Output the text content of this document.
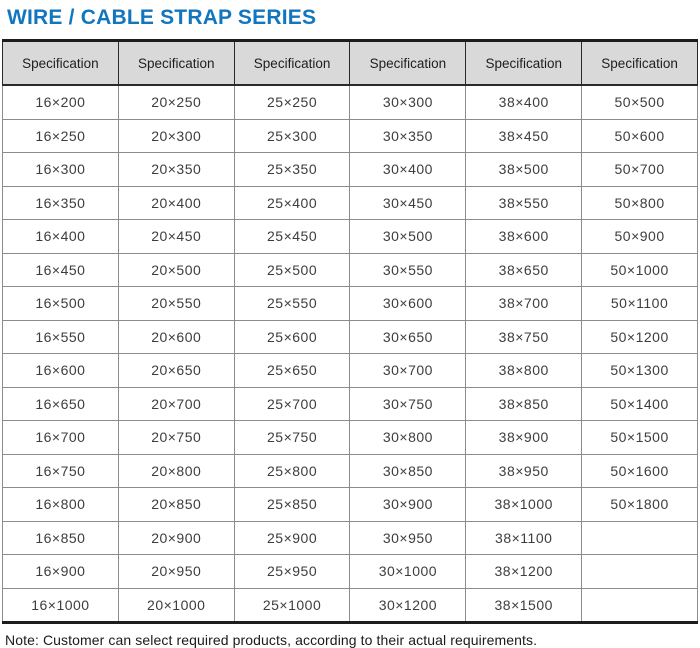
WIRE / CABLE STRAP SERIES
Specification	Specification	Specification	Specification	Specification	Specification
16×200	20×250	25×250	30×300	38×400	50×500
16×250	20×300	25×300	30×350	38×450	50×600
16×300	20×350	25×350	30×400	38×500	50×700
16×350	20×400	25×400	30×450	38×550	50×800
16×400	20×450	25×450	30×500	38×600	50×900
16×450	20×500	25×500	30×550	38×650	50×1000
16×500	20×550	25×550	30×600	38×700	50×1100
16×550	20×600	25×600	30×650	38×750	50×1200
16×600	20×650	25×650	30×700	38×800	50×1300
16×650	20×700	25×700	30×750	38×850	50×1400
16×700	20×750	25×750	30×800	38×900	50×1500
16×750	20×800	25×800	30×850	38×950	50×1600
16×800	20×850	25×850	30×900	38×1000	50×1800
16×850	20×900	25×900	30×950	38×1100	
16×900	20×950	25×950	30×1000	38×1200	
16×1000	20×1000	25×1000	30×1200	38×1500	
Note: Customer can select required products, according to their actual requirements.
